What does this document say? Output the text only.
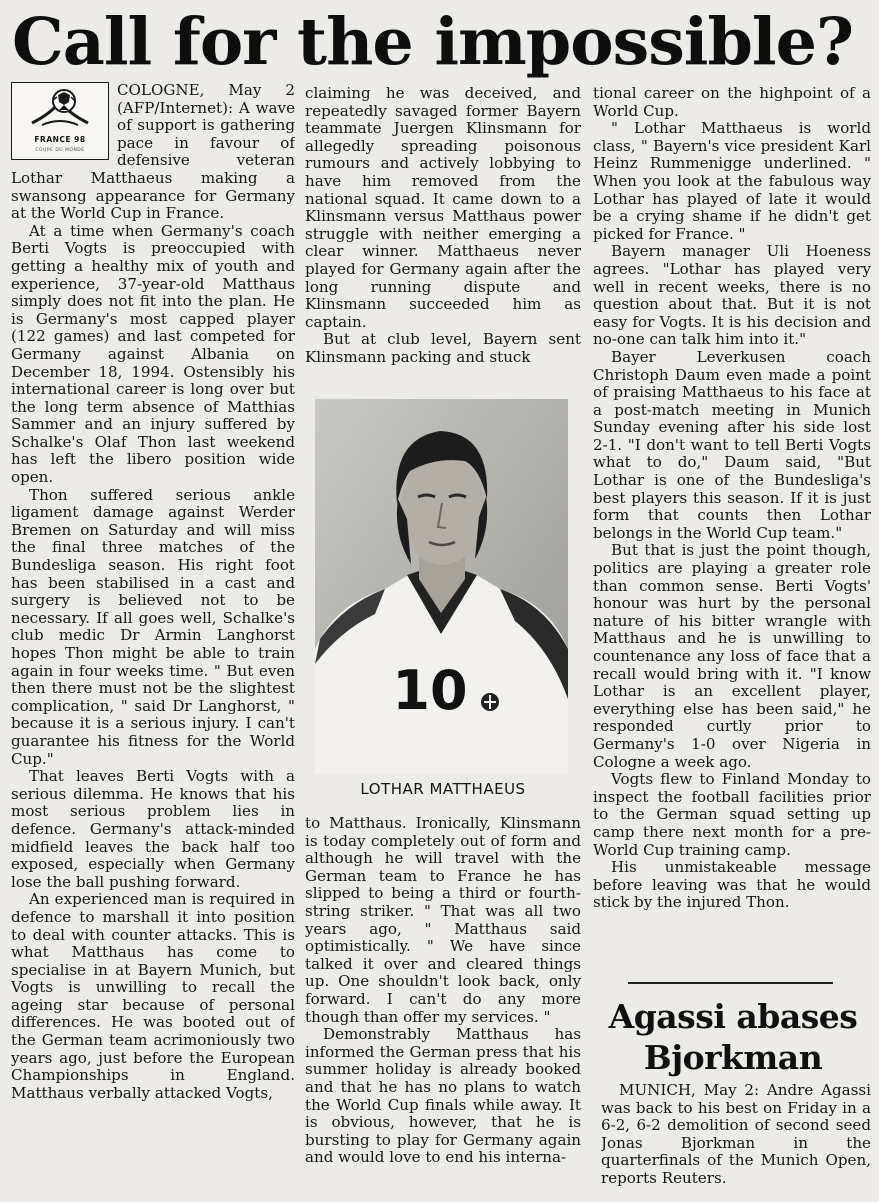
Call for the impossible?
FRANCE 98
COUPE DU MONDE

COLOGNE, May 2 (AFP/Internet): A wave of support is gathering pace in favour of defensive veteran Lothar Matthaeus making a swansong appearance for Germany at the World Cup in France.

At a time when Germany's coach Berti Vogts is preoccupied with getting a healthy mix of youth and experience, 37-year-old Matthaus simply does not fit into the plan. He is Germany's most capped player (122 games) and last competed for Germany against Albania on December 18, 1994. Ostensibly his international career is long over but the long term absence of Matthias Sammer and an injury suffered by Schalke's Olaf Thon last weekend has left the libero position wide open.

Thon suffered serious ankle ligament damage against Werder Bremen on Saturday and will miss the final three matches of the Bundesliga season. His right foot has been stabilised in a cast and surgery is believed not to be necessary. If all goes well, Schalke's club medic Dr Armin Langhorst hopes Thon might be able to train again in four weeks time. " But even then there must not be the slightest complication, " said Dr Langhorst, " because it is a serious injury. I can't guarantee his fitness for the World Cup."

That leaves Berti Vogts with a serious dilemma. He knows that his most serious problem lies in defence. Germany's attack-minded midfield leaves the back half too exposed, especially when Germany lose the ball pushing forward.

An experienced man is required in defence to marshall it into position to deal with counter attacks. This is what Matthaus has come to specialise in at Bayern Munich, but Vogts is unwilling to recall the ageing star because of personal differences. He was booted out of the German team acrimoniously two years ago, just before the European Championships in England. Matthaus verbally attacked Vogts,

claiming he was deceived, and repeatedly savaged former Bayern teammate Juergen Klinsmann for allegedly spreading poisonous rumours and actively lobbying to have him removed from the national squad. It came down to a Klinsmann versus Matthaus power struggle with neither emerging a clear winner. Matthaeus never played for Germany again after the long running dispute and Klinsmann succeeded him as captain.

But at club level, Bayern sent Klinsmann packing and stuck

10
LOTHAR MATTHAEUS

to Matthaus. Ironically, Klinsmann is today completely out of form and although he will travel with the German team to France he has slipped to being a third or fourth-string striker. " That was all two years ago, " Matthaus said optimistically. " We have since talked it over and cleared things up. One shouldn't look back, only forward. I can't do any more though than offer my services. "

Demonstrably Matthaus has informed the German press that his summer holiday is already booked and that he has no plans to watch the World Cup finals while away. It is obvious, however, that he is bursting to play for Germany again and would love to end his interna-

tional career on the highpoint of a World Cup.

" Lothar Matthaeus is world class, " Bayern's vice president Karl Heinz Rummenigge underlined. " When you look at the fabulous way Lothar has played of late it would be a crying shame if he didn't get picked for France. "

Bayern manager Uli Hoeness agrees. "Lothar has played very well in recent weeks, there is no question about that. But it is not easy for Vogts. It is his decision and no-one can talk him into it."

Bayer Leverkusen coach Christoph Daum even made a point of praising Matthaeus to his face at a post-match meeting in Munich Sunday evening after his side lost 2-1. "I don't want to tell Berti Vogts what to do," Daum said, "But Lothar is one of the Bundesliga's best players this season. If it is just form that counts then Lothar belongs in the World Cup team."

But that is just the point though, politics are playing a greater role than common sense. Berti Vogts' honour was hurt by the personal nature of his bitter wrangle with Matthaus and he is unwilling to countenance any loss of face that a recall would bring with it. "I know Lothar is an excellent player, everything else has been said," he responded curtly prior to Germany's 1-0 over Nigeria in Cologne a week ago.

Vogts flew to Finland Monday to inspect the football facilities prior to the German squad setting up camp there next month for a pre-World Cup training camp.

His unmistakeable message before leaving was that he would stick by the injured Thon.

Agassi abases
Bjorkman

MUNICH, May 2: Andre Agassi was back to his best on Friday in a 6-2, 6-2 demolition of second seed Jonas Bjorkman in the quarterfinals of the Munich Open, reports Reuters.
